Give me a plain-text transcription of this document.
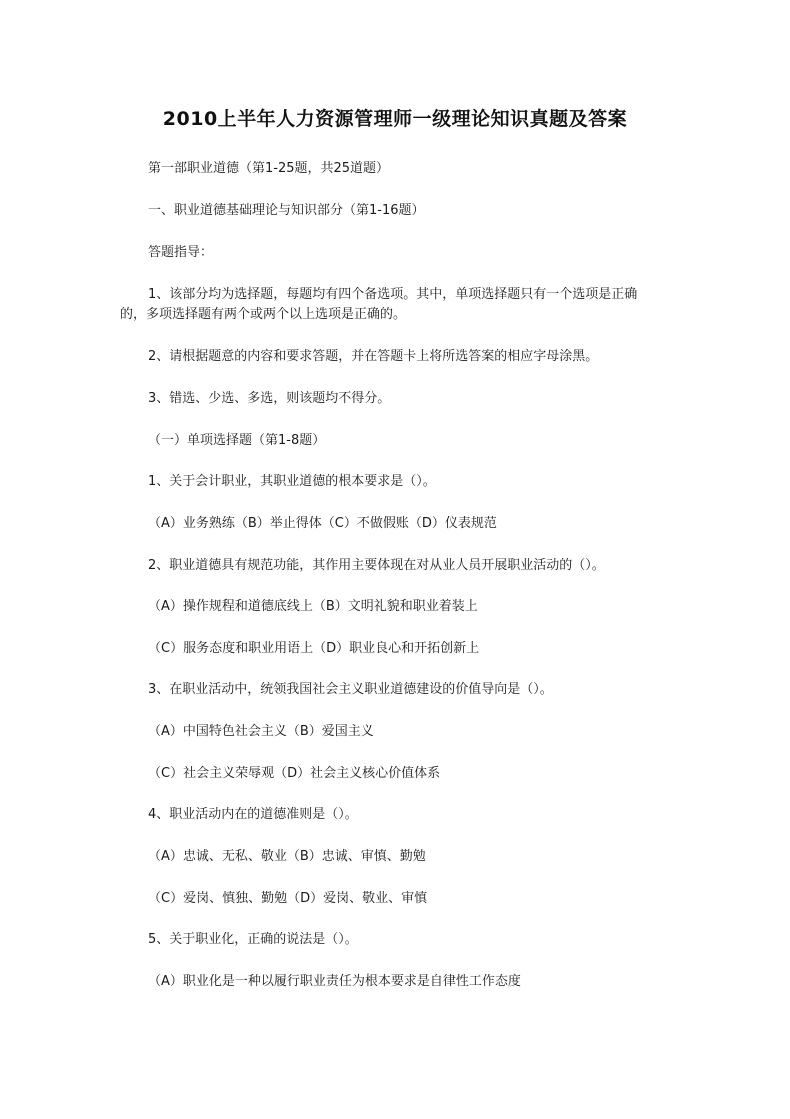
2010上半年人力资源管理师一级理论知识真题及答案
第一部职业道德（第1-25题，共25道题）
一、职业道德基础理论与知识部分（第1-16题）
答题指导：
1、该部分均为选择题，每题均有四个备选项。其中，单项选择题只有一个选项是正确的，多项选择题有两个或两个以上选项是正确的。
2、请根据题意的内容和要求答题，并在答题卡上将所选答案的相应字母涂黑。
3、错选、少选、多选，则该题均不得分。
（一）单项选择题（第1-8题）
1、关于会计职业，其职业道德的根本要求是（）。
（A）业务熟练（B）举止得体（C）不做假账（D）仪表规范
2、职业道德具有规范功能，其作用主要体现在对从业人员开展职业活动的（）。
（A）操作规程和道德底线上（B）文明礼貌和职业着装上
（C）服务态度和职业用语上（D）职业良心和开拓创新上
3、在职业活动中，统领我国社会主义职业道德建设的价值导向是（）。
（A）中国特色社会主义（B）爱国主义
（C）社会主义荣辱观（D）社会主义核心价值体系
4、职业活动内在的道德准则是（）。
（A）忠诚、无私、敬业（B）忠诚、审慎、勤勉
（C）爱岗、慎独、勤勉（D）爱岗、敬业、审慎
5、关于职业化，正确的说法是（）。
（A）职业化是一种以履行职业责任为根本要求是自律性工作态度
